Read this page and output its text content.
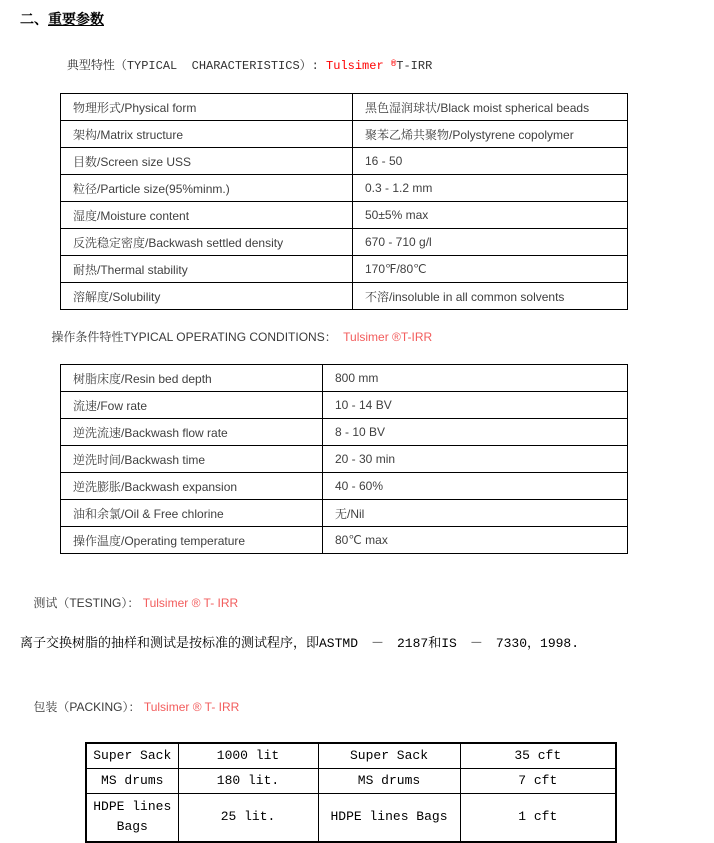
二、重要参数

典型特性（TYPICAL  CHARACTERISTICS）: Tulsimer ®T-IRR

物理形式/Physical form	黑色湿润球状/Black moist spherical beads
架构/Matrix structure	聚苯乙烯共聚物/Polystyrene copolymer
目数/Screen size USS	16 - 50
粒径/Particle size(95%minm.)	0.3 - 1.2 mm
湿度/Moisture content	50±5% max
反洗稳定密度/Backwash settled density	670 - 710 g/l
耐热/Thermal stability	170℉/80℃
溶解度/Solubility	不溶/insoluble in all common solvents

操作条件特性TYPICAL OPERATING CONDITIONS：  Tulsimer ®T-IRR

树脂床度/Resin bed depth	800 mm
流速/Fow rate	10 - 14 BV
逆洗流速/Backwash flow rate	8 - 10 BV
逆洗时间/Backwash time	20 - 30 min
逆洗膨胀/Backwash expansion	40 - 60%
油和余氯/Oil & Free chlorine	无/Nil
操作温度/Operating temperature	80℃ max

测试（TESTING）： Tulsimer ® T- IRR

离子交换树脂的抽样和测试是按标准的测试程序，即ASTMD　－　2187和IS　－　7330，1998.

包装（PACKING）： Tulsimer ® T- IRR

Super Sack	1000 lit	Super Sack	35 cft
MS drums	180 lit.	MS drums	7 cft
HDPE lines Bags	25 lit.	HDPE lines Bags	1 cft
